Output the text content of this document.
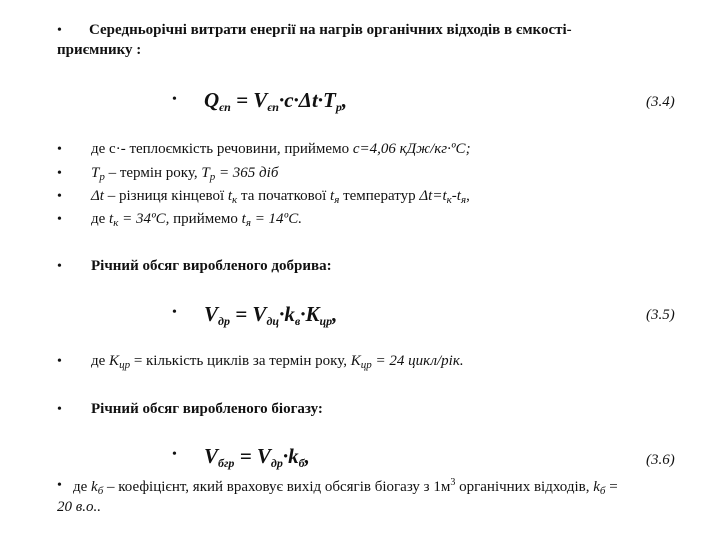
• Середньорічні витрати енергії на нагрів органічних відходів в ємкості-
приємнику :
• $Q_{єп} = V_{єп}\cdot c\cdot\Delta t\cdot T_p$,	(3.4)
• де с·- теплоємкість речовини, приймемо c=4,06 кДж/кг·ºС;
• $Т_р$ – термін року, $Т_р = 365$ діб
• Δt – різниця кінцевої $t_к$ та початкової $t_я$ температур $\Delta t=t_к-t_я$,
• де $t_к$ = 34ºС, приймемо $t_я$ = 14ºС.
• Річний обсяг виробленого добрива:
• $V_{др} = V_{дц}\cdot k_в\cdot K_{цр}$,	(3.5)
• де $K_{цр}$ = кількість циклів за термін року, $K_{цр} = 24$ цикл/рік.
• Річний обсяг виробленого біогазу:
• $V_{бгр} = V_{др}\cdot k_б$,	(3.6)
• де $k_б$ – коефіцієнт, який враховує вихід обсягів біогазу з $1м^3$ органічних відходів, $k_б$ =
20 в.о..
